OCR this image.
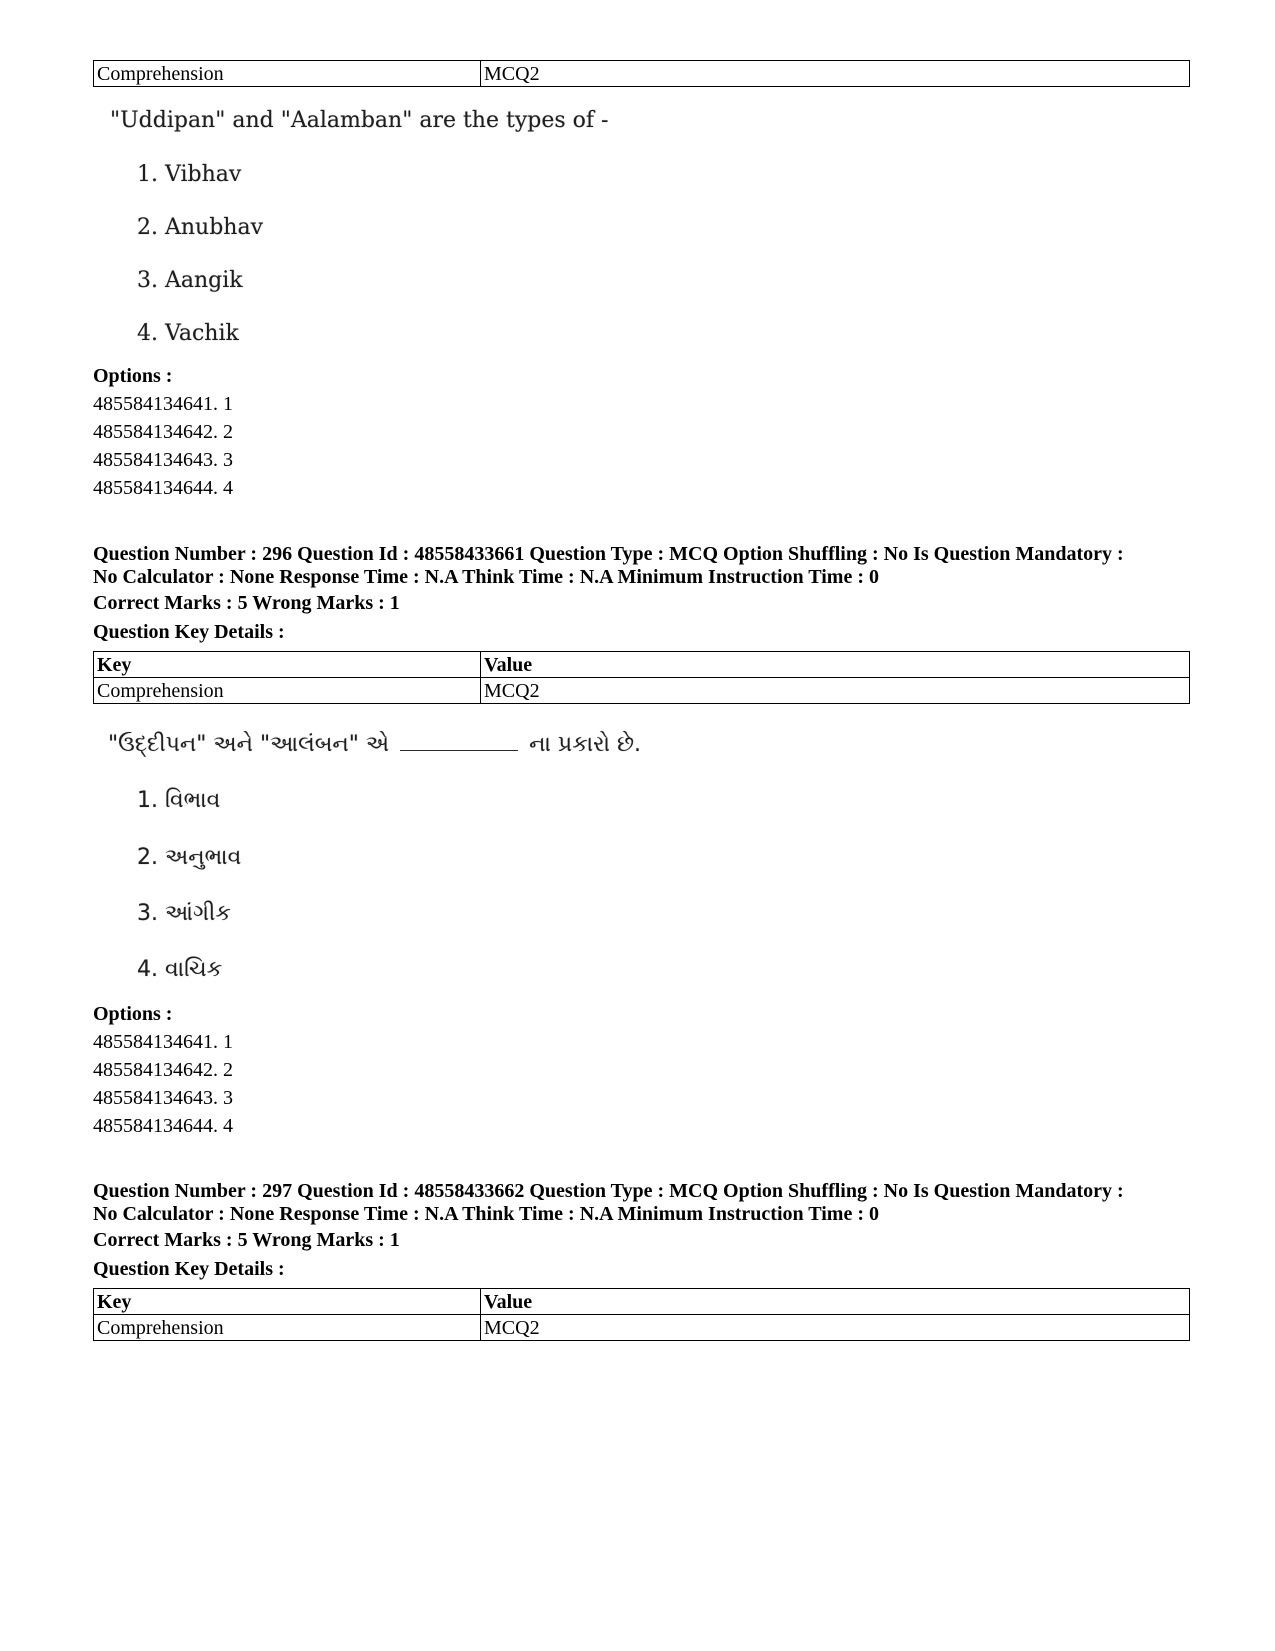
Comprehension	MCQ2
"Uddipan" and "Aalamban" are the types of -
1. Vibhav
2. Anubhav
3. Aangik
4. Vachik
Options :
485584134641. 1
485584134642. 2
485584134643. 3
485584134644. 4
Question Number : 296 Question Id : 48558433661 Question Type : MCQ Option Shuffling : No Is Question Mandatory :
No Calculator : None Response Time : N.A Think Time : N.A Minimum Instruction Time : 0
Correct Marks : 5 Wrong Marks : 1
Question Key Details :
Key	Value
Comprehension	MCQ2
"ઉદ્દીપન" અને "આલંબન" એ	ના પ્રકારો છે.
1. વિભાવ
2. અનુભાવ
3. આંગીક
4. વાચિક
Options :
485584134641. 1
485584134642. 2
485584134643. 3
485584134644. 4
Question Number : 297 Question Id : 48558433662 Question Type : MCQ Option Shuffling : No Is Question Mandatory :
No Calculator : None Response Time : N.A Think Time : N.A Minimum Instruction Time : 0
Correct Marks : 5 Wrong Marks : 1
Question Key Details :
Key	Value
Comprehension	MCQ2
